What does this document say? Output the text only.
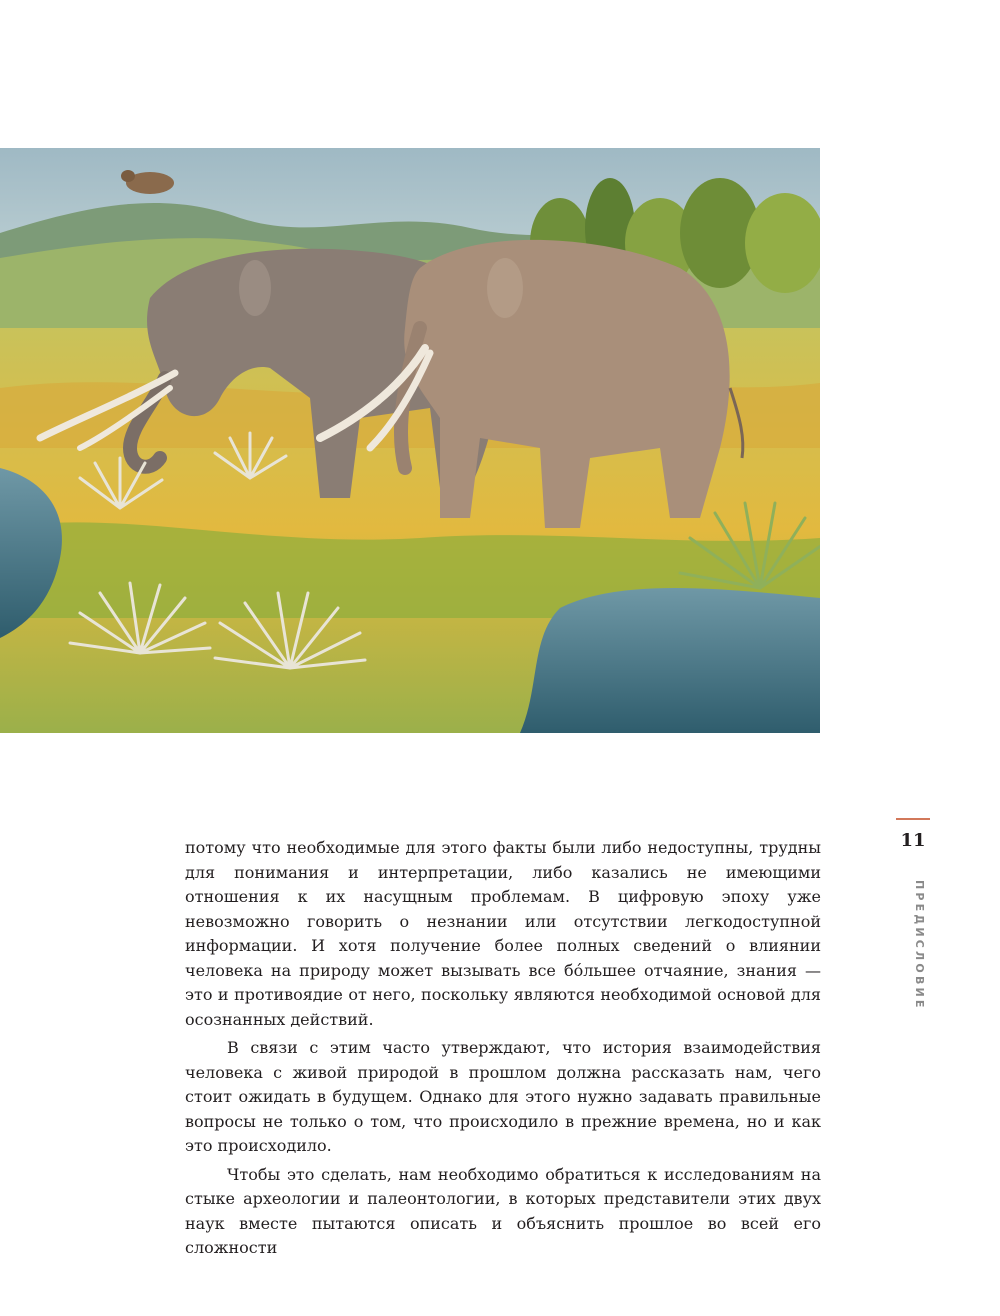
11
ПРЕДИСЛОВИЕ

потому что необходимые для этого факты были либо недоступны, трудны для понимания и интерпретации, либо казались не имеющими отношения к их насущным проблемам. В цифровую эпоху уже невозможно говорить о незнании или отсутствии легкодоступной информации. И хотя получение более полных сведений о влиянии человека на природу может вызывать все бóльшее отчаяние, знания — это и противоядие от него, поскольку являются необходимой основой для осознанных действий.

В связи с этим часто утверждают, что история взаимодействия человека с живой природой в прошлом должна рассказать нам, чего стоит ожидать в будущем. Однако для этого нужно задавать правильные вопросы не только о том, что происходило в прежние времена, но и как это происходило.

Чтобы это сделать, нам необходимо обратиться к исследованиям на стыке археологии и палеонтологии, в которых представители этих двух наук вместе пытаются описать и объяснить прошлое во всей его сложности
